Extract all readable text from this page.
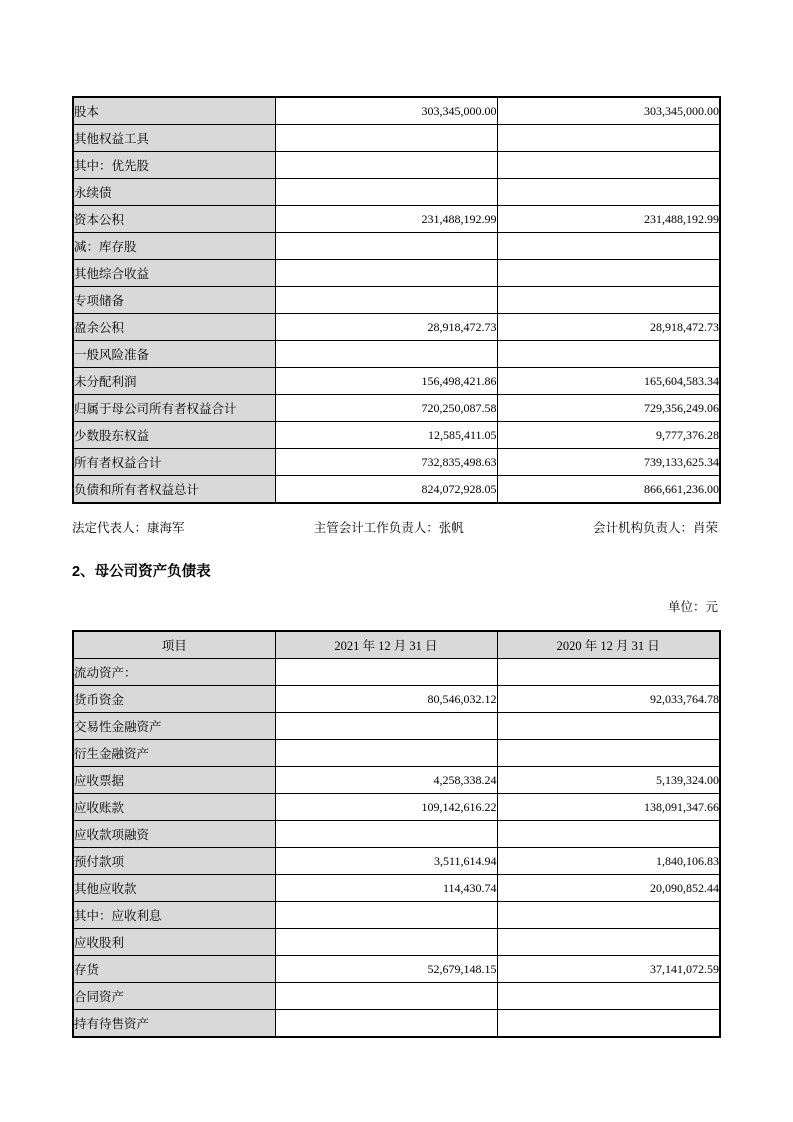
股本	303,345,000.00	303,345,000.00
其他权益工具		
其中：优先股		
永续债		
资本公积	231,488,192.99	231,488,192.99
减：库存股		
其他综合收益		
专项储备		
盈余公积	28,918,472.73	28,918,472.73
一般风险准备		
未分配利润	156,498,421.86	165,604,583.34
归属于母公司所有者权益合计	720,250,087.58	729,356,249.06
少数股东权益	12,585,411.05	9,777,376.28
所有者权益合计	732,835,498.63	739,133,625.34
负债和所有者权益总计	824,072,928.05	866,661,236.00
法定代表人：康海军	主管会计工作负责人：张帆	会计机构负责人：肖荣
2、母公司资产负债表
单位：元
项目	2021 年 12 月 31 日	2020 年 12 月 31 日
流动资产：		
货币资金	80,546,032.12	92,033,764.78
交易性金融资产		
衍生金融资产		
应收票据	4,258,338.24	5,139,324.00
应收账款	109,142,616.22	138,091,347.66
应收款项融资		
预付款项	3,511,614.94	1,840,106.83
其他应收款	114,430.74	20,090,852.44
其中：应收利息		
应收股利		
存货	52,679,148.15	37,141,072.59
合同资产		
持有待售资产		
